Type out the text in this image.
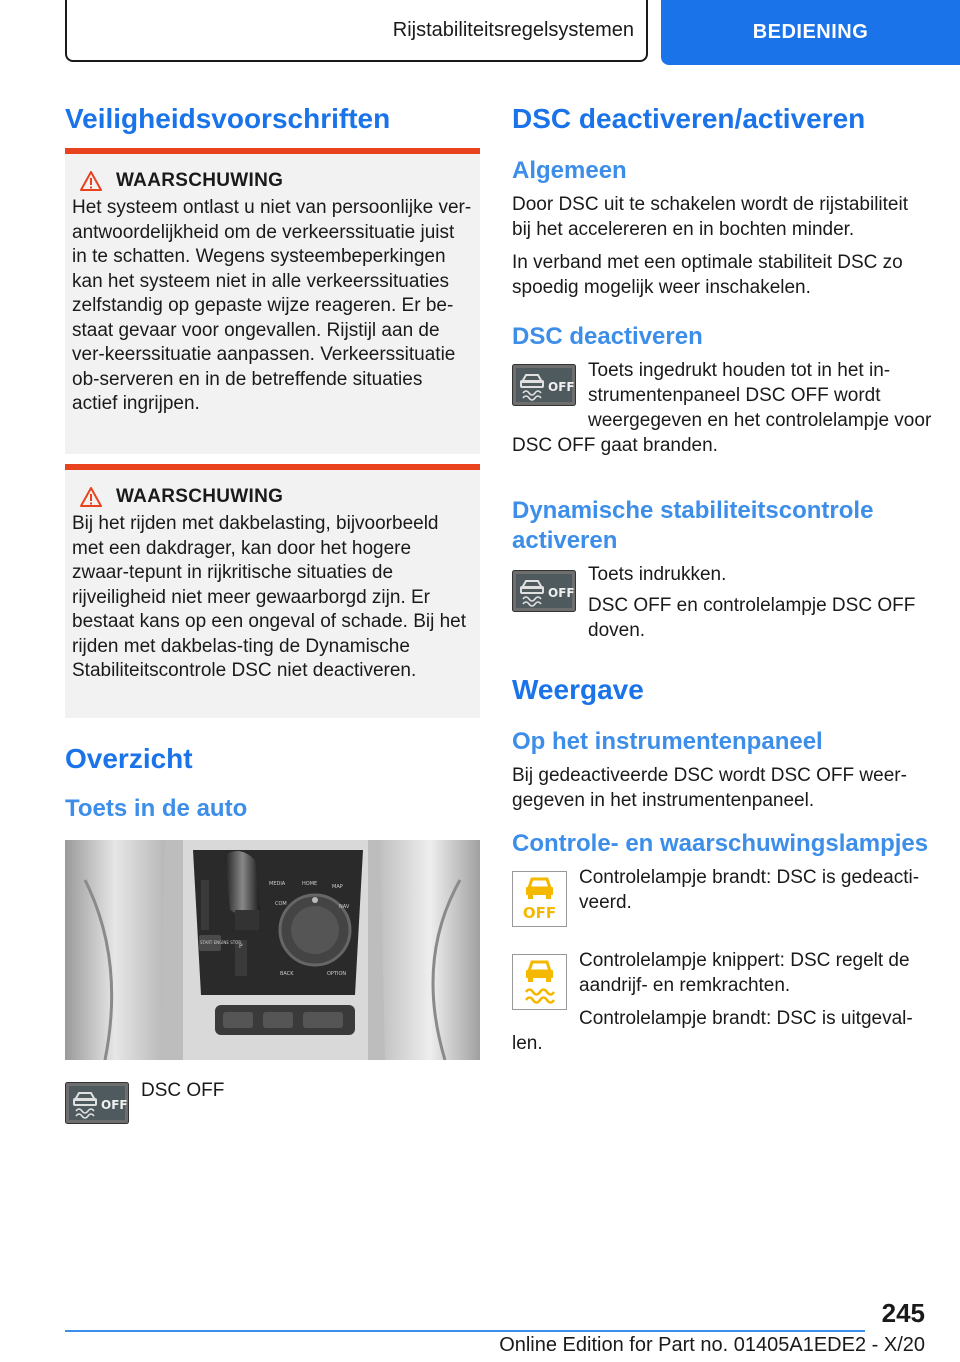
Rijstabiliteitsregelsystemen	BEDIENING
Veiligheidsvoorschriften
WAARSCHUWING

Het systeem ontlast u niet van persoonlijke ver-antwoordelijkheid om de verkeerssituatie juist in te schatten. Wegens systeembeperkingen kan het systeem niet in alle verkeerssituaties zelfstandig op gepaste wijze reageren. Er be-staat gevaar voor ongevallen. Rijstijl aan de ver-keerssituatie aanpassen. Verkeerssituatie ob-serveren en in de betreffende situaties actief ingrijpen.

WAARSCHUWING

Bij het rijden met dakbelasting, bijvoorbeeld met een dakdrager, kan door het hogere zwaar-tepunt in rijkritische situaties de rijveiligheid niet meer gewaarborgd zijn. Er bestaat kans op een ongeval of schade. Bij het rijden met dakbelas-ting de Dynamische Stabiliteitscontrole DSC niet deactiveren.

Overzicht
Toets in de auto
MEDIA	HOME	MAP
COM	NAV
BACK	OPTION
START ENGINE STOP
P
OFF

DSC OFF

DSC deactiveren/activeren
Algemeen

Door DSC uit te schakelen wordt de rijstabiliteit bij het accelereren en in bochten minder.

In verband met een optimale stabiliteit DSC zo spoedig mogelijk weer inschakelen.

DSC deactiveren
OFF

Toets ingedrukt houden tot in het in-strumentenpaneel DSC OFF wordt weergegeven en het controlelampje voor DSC OFF gaat branden.

Dynamische stabiliteitscontrole activeren
OFF

Toets indrukken.

DSC OFF en controlelampje DSC OFF doven.

Weergave
Op het instrumentenpaneel

Bij gedeactiveerde DSC wordt DSC OFF weer-gegeven in het instrumentenpaneel.

Controle- en waarschuwingslampjes
OFF

Controlelampje brandt: DSC is gedeacti-veerd.

Controlelampje knippert: DSC regelt de aandrijf- en remkrachten.

Controlelampje brandt: DSC is uitgeval-len.

245
Online Edition for Part no. 01405A1EDE2 - X/20
